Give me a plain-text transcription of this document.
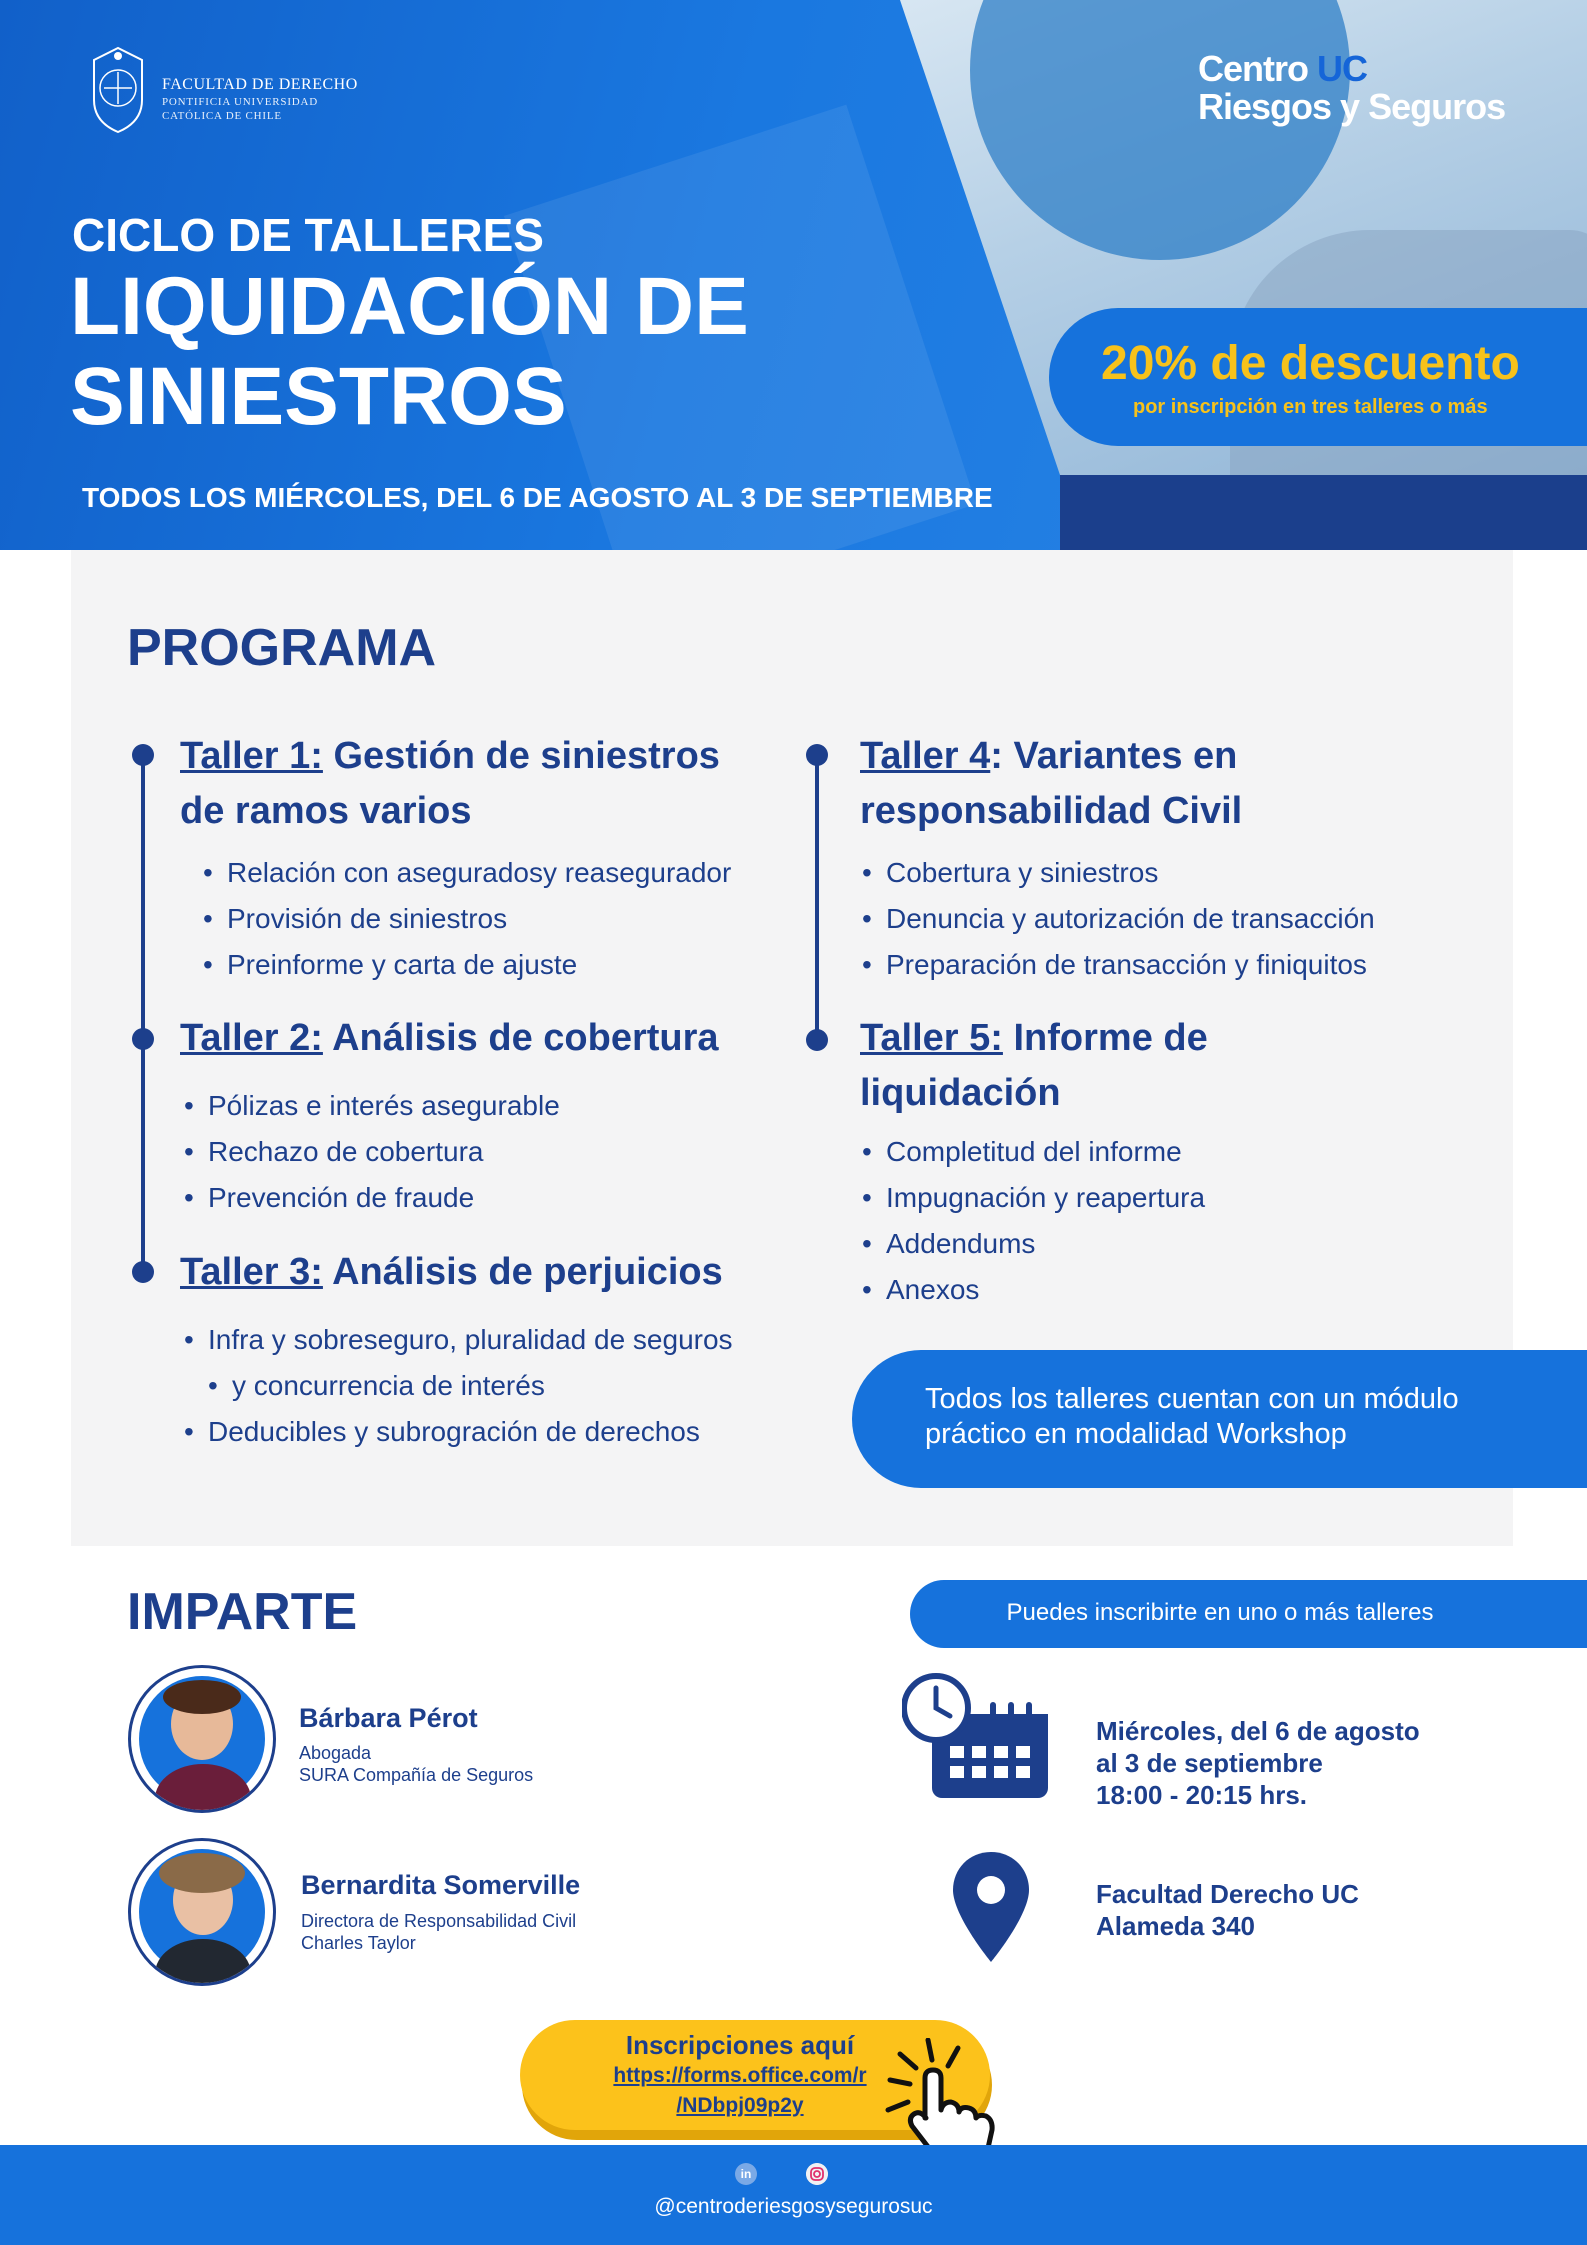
FACULTAD DE DERECHO
PONTIFICIA UNIVERSIDAD
CATÓLICA DE CHILE
Centro UC
Riesgos y Seguros
CICLO DE TALLERES
LIQUIDACIÓN DE
SINIESTROS
TODOS LOS MIÉRCOLES, DEL 6 DE AGOSTO AL 3 DE SEPTIEMBRE
20% de descuento
por inscripción en tres talleres o más
PROGRAMA
Taller 1: Gestión de siniestros
de ramos varios
• Relación con aseguradosy reasegurador
• Provisión de siniestros
• Preinforme y carta de ajuste
Taller 2: Análisis de cobertura
• Pólizas e interés asegurable
• Rechazo de cobertura
• Prevención de fraude
Taller 3: Análisis de perjuicios
• Infra y sobreseguro, pluralidad de seguros
• y concurrencia de interés
• Deducibles y subrogración de derechos
Taller 4: Variantes en
responsabilidad Civil
• Cobertura y siniestros
• Denuncia y autorización de transacción
• Preparación de transacción y finiquitos
Taller 5: Informe de
liquidación
• Completitud del informe
• Impugnación y reapertura
• Addendums
• Anexos
Todos los talleres cuentan con un módulo práctico en modalidad Workshop
IMPARTE
Bárbara Pérot
Abogada
SURA Compañía de Seguros
Bernardita Somerville
Directora de Responsabilidad Civil
Charles Taylor
Puedes inscribirte en uno o más talleres
Miércoles, del 6 de agosto
al 3 de septiembre
18:00 - 20:15 hrs.
Facultad Derecho UC
Alameda 340
Inscripciones aquí
https://forms.office.com/r
/NDbpj09p2y
in
@centroderiesgosysegurosuc
